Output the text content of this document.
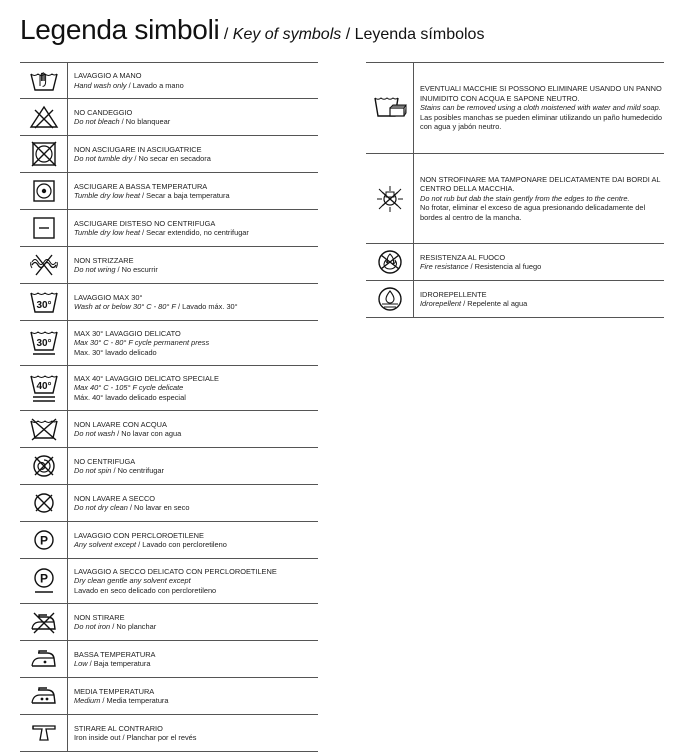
Legenda simboli / Key of symbols / Leyenda símbolos
LAVAGGIO A MANO
Hand wash only / Lavado a mano
NO CANDEGGIO
Do not bleach / No blanquear
NON ASCIUGARE IN ASCIUGATRICE
Do not tumble dry / No secar en secadora
ASCIUGARE A BASSA TEMPERATURA
Tumble dry low heat / Secar a baja temperatura
ASCIUGARE DISTESO NO CENTRIFUGA
Tumble dry low heat / Secar extendido, no centrifugar
NON STRIZZARE
Do not wring / No escurrir
30°
LAVAGGIO MAX 30°
Wash at or below 30° C - 80° F / Lavado máx. 30°
30°
MAX 30° LAVAGGIO DELICATO
Max 30° C - 80° F cycle permanent press
Max. 30° lavado delicado
40°
MAX 40° LAVAGGIO DELICATO SPECIALE
Max 40° C - 105° F cycle delicate
Máx. 40° lavado delicado especial
NON LAVARE CON ACQUA
Do not wash / No lavar con agua
NO CENTRIFUGA
Do not spin / No centrifugar
NON LAVARE A SECCO
Do not dry clean / No lavar en seco
P	LAVAGGIO CON PERCLOROETILENE
Any solvent except / Lavado con percloretileno
P
LAVAGGIO A SECCO DELICATO CON PERCLOROETILENE
Dry clean gentle any solvent except
Lavado en seco delicado con percloretileno
NON STIRARE
Do not iron / No planchar
BASSA TEMPERATURA
Low / Baja temperatura
MEDIA TEMPERATURA
Medium / Media temperatura
STIRARE AL CONTRARIO
Iron inside out / Planchar por el revés
EVENTUALI MACCHIE SI POSSONO ELIMINARE USANDO UN PANNO INUMIDITO CON ACQUA E SAPONE NEUTRO.
Stains can be removed using a cloth moistened with water and mild soap.
Las posibles manchas se pueden eliminar utilizando un paño humedecido con agua y jabón neutro.
NON STROFINARE MA TAMPONARE DELICATAMENTE DAI BORDI AL CENTRO DELLA MACCHIA.
Do not rub but dab the stain gently from the edges to the centre.
No frotar, eliminar el exceso de agua presionando delicadamente del bordes al centro de la mancha.
RESISTENZA AL FUOCO
Fire resistance / Resistencia al fuego
IDROREPELLENTE
Idrorepellent / Repelente al agua
